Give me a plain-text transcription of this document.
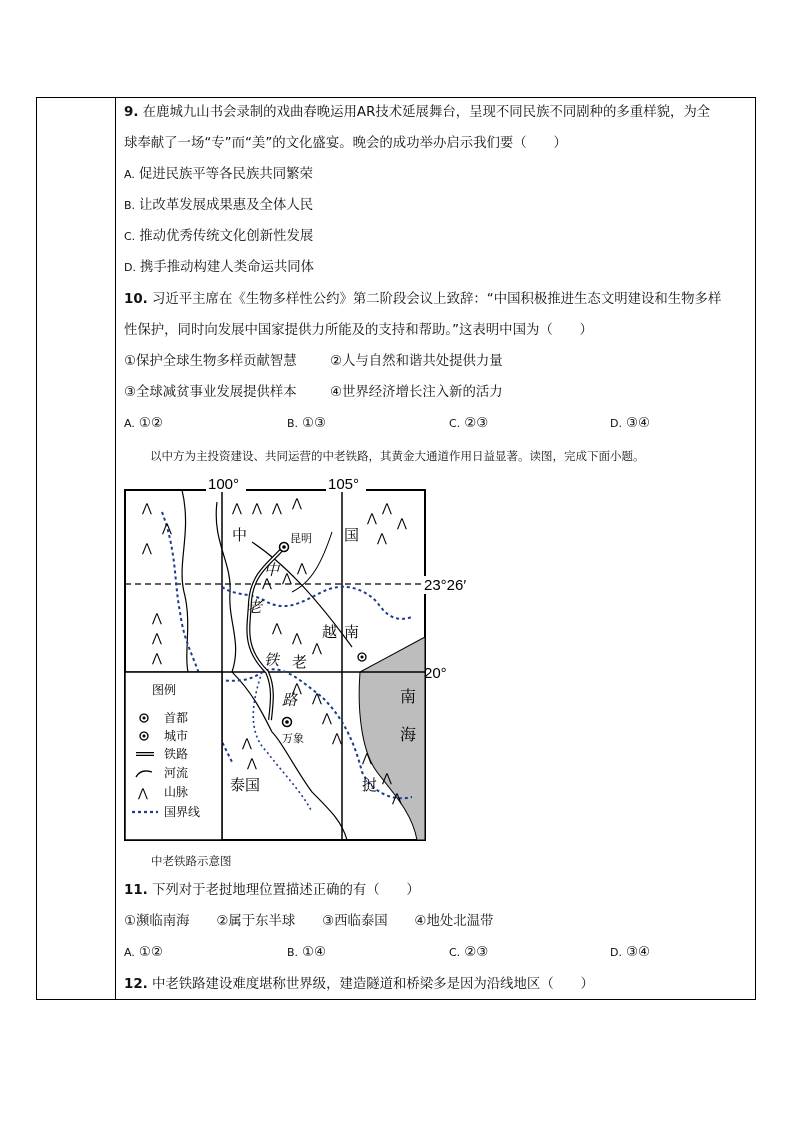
9. 在鹿城九山书会录制的戏曲春晚运用AR技术延展舞台，呈现不同民族不同剧种的多重样貌，为全
球奉献了一场“专”而“美”的文化盛宴。晚会的成功举办启示我们要（　　）
A. 促进民族平等各民族共同繁荣
B. 让改革发展成果惠及全体人民
C. 推动优秀传统文化创新性发展
D. 携手推动构建人类命运共同体
10. 习近平主席在《生物多样性公约》第二阶段会议上致辞：“中国积极推进生态文明建设和生物多样
性保护，同时向发展中国家提供力所能及的支持和帮助。”这表明中国为（　　）
①保护全球生物多样贡献智慧 ②人与自然和谐共处提供力量
③全球减贫事业发展提供样本 ④世界经济增长注入新的活力
A. ①②	B. ①③	C. ②③	D. ③④
以中方为主投资建设、共同运营的中老铁路，其黄金大通道作用日益显著。读图，完成下面小题。
100°	105°
23°26′
20°
⋀
⋀
⋀
⋀
⋀
⋀
⋀ ⋀ ⋀ ⋀	⋀
⋀
⋀
⋀
⋀ ⋀
⋀
⋀
⋀
⋀
⋀
⋀
⋀
⋀
⋀
⋀	⋀
⋀
⋀
中	国
昆明
中
老
铁
路
老
越 南
万象
泰国	挝
南
海
图例
首都
城市
铁路
河流
⋀ 山脉
国界线
中老铁路示意图
11. 下列对于老挝地理位置描述正确的有（　　）
①濒临南海　　②属于东半球　　③西临泰国　　④地处北温带
A. ①②	B. ①④	C. ②③	D. ③④
12. 中老铁路建设难度堪称世界级，建造隧道和桥梁多是因为沿线地区（　　）
